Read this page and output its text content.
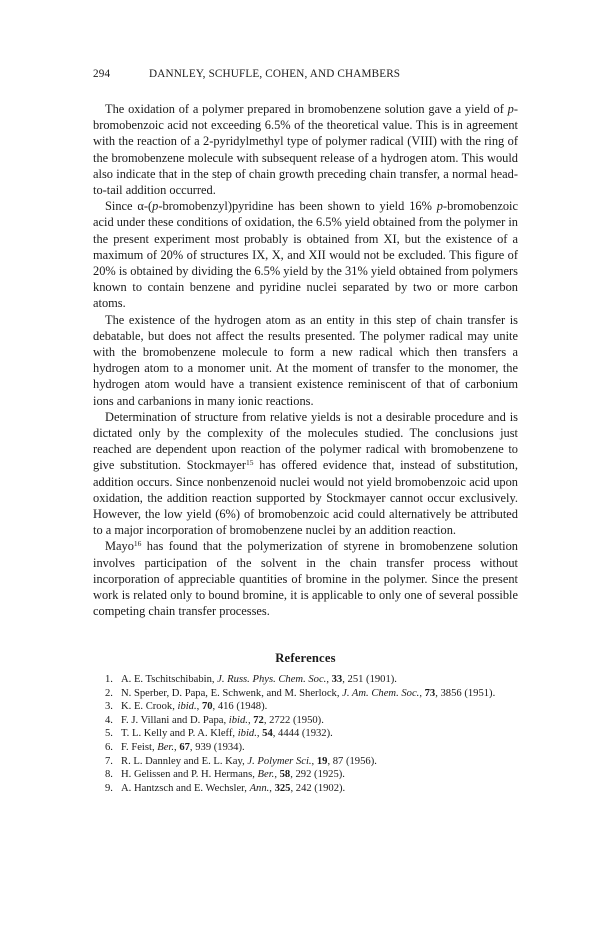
294	DANNLEY, SCHUFLE, COHEN, AND CHAMBERS

The oxidation of a polymer prepared in bromobenzene solution gave a yield of p-bromobenzoic acid not exceeding 6.5% of the theoretical value. This is in agreement with the reaction of a 2-pyridylmethyl type of polymer radical (VIII) with the ring of the bromobenzene molecule with subsequent release of a hydrogen atom. This would also indicate that in the step of chain growth preceding chain transfer, a normal head-to-tail addition occurred.

Since α-(p-bromobenzyl)pyridine has been shown to yield 16% p-bromobenzoic acid under these conditions of oxidation, the 6.5% yield obtained from the polymer in the present experiment most probably is obtained from XI, but the existence of a maximum of 20% of structures IX, X, and XII would not be excluded. This figure of 20% is obtained by dividing the 6.5% yield by the 31% yield obtained from polymers known to contain benzene and pyridine nuclei separated by two or more carbon atoms.

The existence of the hydrogen atom as an entity in this step of chain transfer is debatable, but does not affect the results presented. The polymer radical may unite with the bromobenzene molecule to form a new radical which then transfers a hydrogen atom to a monomer unit. At the moment of transfer to the monomer, the hydrogen atom would have a transient existence reminiscent of that of carbonium ions and carbanions in many ionic reactions.

Determination of structure from relative yields is not a desirable procedure and is dictated only by the complexity of the molecules studied. The conclusions just reached are dependent upon reaction of the polymer radical with bromobenzene to give substitution. Stockmayer$^{15}$ has offered evidence that, instead of substitution, addition occurs. Since nonbenzenoid nuclei would not yield bromobenzoic acid upon oxidation, the addition reaction supported by Stockmayer cannot occur exclusively. However, the low yield (6%) of bromobenzoic acid could alternatively be attributed to a major incorporation of bromobenzene nuclei by an addition reaction.

Mayo$^{16}$ has found that the polymerization of styrene in bromobenzene solution involves participation of the solvent in the chain transfer process without incorporation of appreciable quantities of bromine in the polymer. Since the present work is related only to bound bromine, it is applicable to only one of several possible competing chain transfer processes.

References
1. A. E. Tschitschibabin, J. Russ. Phys. Chem. Soc., 33, 251 (1901).
2. N. Sperber, D. Papa, E. Schwenk, and M. Sherlock, J. Am. Chem. Soc., 73, 3856 (1951).
3. K. E. Crook, ibid., 70, 416 (1948).
4. F. J. Villani and D. Papa, ibid., 72, 2722 (1950).
5. T. L. Kelly and P. A. Kleff, ibid., 54, 4444 (1932).
6. F. Feist, Ber., 67, 939 (1934).
7. R. L. Dannley and E. L. Kay, J. Polymer Sci., 19, 87 (1956).
8. H. Gelissen and P. H. Hermans, Ber., 58, 292 (1925).
9. A. Hantzsch and E. Wechsler, Ann., 325, 242 (1902).
